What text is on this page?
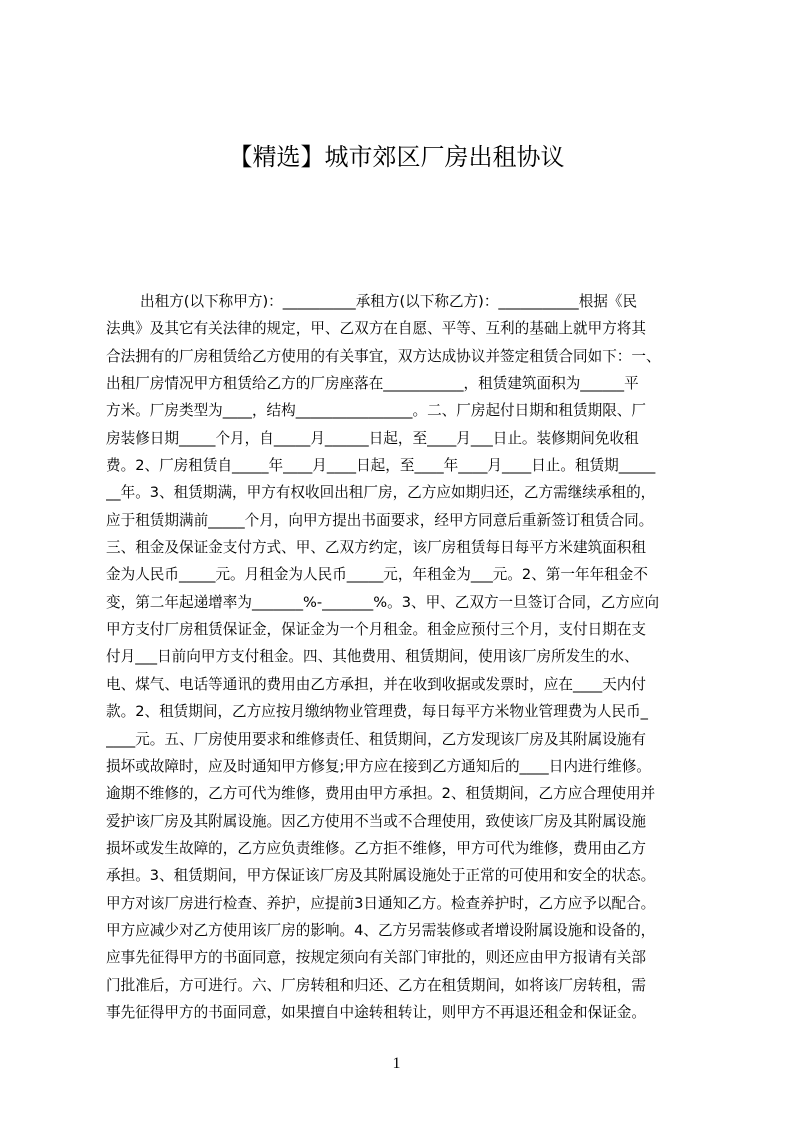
【精选】城市郊区厂房出租协议
出租方(以下称甲方)：__________承租方(以下称乙方)：___________根据《民
法典》及其它有关法律的规定，甲、乙双方在自愿、平等、互利的基础上就甲方将其
合法拥有的厂房租赁给乙方使用的有关事宜，双方达成协议并签定租赁合同如下：一、
出租厂房情况甲方租赁给乙方的厂房座落在___________，租赁建筑面积为______平
方米。厂房类型为____，结构________________。二、厂房起付日期和租赁期限、厂
房装修日期_____个月，自_____月______日起，至____月___日止。装修期间免收租
费。2、厂房租赁自_____年____月____日起，至____年____月____日止。租赁期_____
__年。3、租赁期满，甲方有权收回出租厂房，乙方应如期归还，乙方需继续承租的，
应于租赁期满前_____个月，向甲方提出书面要求，经甲方同意后重新签订租赁合同。
三、租金及保证金支付方式、甲、乙双方约定，该厂房租赁每日每平方米建筑面积租
金为人民币_____元。月租金为人民币_____元，年租金为___元。2、第一年年租金不
变，第二年起递增率为_______%-_______%。3、甲、乙双方一旦签订合同，乙方应向
甲方支付厂房租赁保证金，保证金为一个月租金。租金应预付三个月，支付日期在支
付月___日前向甲方支付租金。四、其他费用、租赁期间，使用该厂房所发生的水、
电、煤气、电话等通讯的费用由乙方承担，并在收到收据或发票时，应在____天内付
款。2、租赁期间，乙方应按月缴纳物业管理费，每日每平方米物业管理费为人民币_
____元。五、厂房使用要求和维修责任、租赁期间，乙方发现该厂房及其附属设施有
损坏或故障时，应及时通知甲方修复;甲方应在接到乙方通知后的____日内进行维修。
逾期不维修的，乙方可代为维修，费用由甲方承担。2、租赁期间，乙方应合理使用并
爱护该厂房及其附属设施。因乙方使用不当或不合理使用，致使该厂房及其附属设施
损坏或发生故障的，乙方应负责维修。乙方拒不维修，甲方可代为维修，费用由乙方
承担。3、租赁期间，甲方保证该厂房及其附属设施处于正常的可使用和安全的状态。
甲方对该厂房进行检查、养护，应提前3日通知乙方。检查养护时，乙方应予以配合。
甲方应减少对乙方使用该厂房的影响。4、乙方另需装修或者增设附属设施和设备的，
应事先征得甲方的书面同意，按规定须向有关部门审批的，则还应由甲方报请有关部
门批准后，方可进行。六、厂房转租和归还、乙方在租赁期间，如将该厂房转租，需
事先征得甲方的书面同意，如果擅自中途转租转让，则甲方不再退还租金和保证金。
1
